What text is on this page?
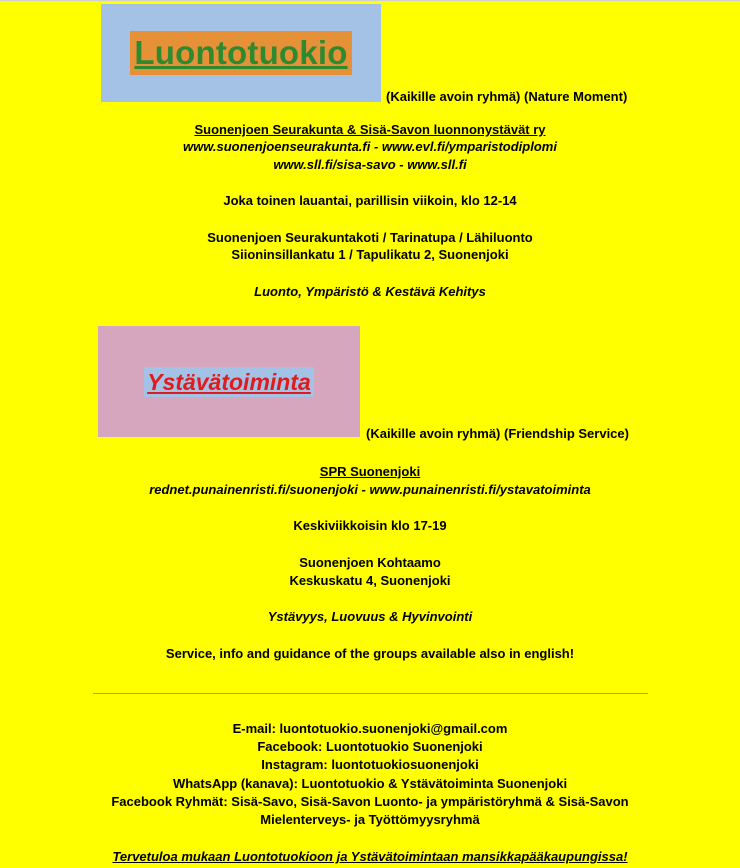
Luontotuokio
(Kaikille avoin ryhmä) (Nature Moment)
Suonenjoen Seurakunta & Sisä-Savon luonnonystävät ry
www.suonenjoenseurakunta.fi - www.evl.fi/ymparistodiplomi
www.sll.fi/sisa-savo - www.sll.fi
Joka toinen lauantai, parillisin viikoin, klo 12-14
Suonenjoen Seurakuntakoti / Tarinatupa / Lähiluonto
Siioninsillankatu 1 / Tapulikatu 2, Suonenjoki
Luonto, Ympäristö & Kestävä Kehitys
Ystävätoiminta
(Kaikille avoin ryhmä) (Friendship Service)
SPR Suonenjoki
rednet.punainenristi.fi/suonenjoki - www.punainenristi.fi/ystavatoiminta
Keskiviikkoisin klo 17-19
Suonenjoen Kohtaamo
Keskuskatu 4, Suonenjoki
Ystävyys, Luovuus & Hyvinvointi
Service, info and guidance of the groups available also in english!
E-mail: luontotuokio.suonenjoki@gmail.com
Facebook: Luontotuokio Suonenjoki
Instagram: luontotuokiosuonenjoki
WhatsApp (kanava): Luontotuokio & Ystävätoiminta Suonenjoki
Facebook Ryhmät: Sisä-Savo, Sisä-Savon Luonto- ja ympäristöryhmä & Sisä-Savon
Mielenterveys- ja Työttömyysryhmä
Tervetuloa mukaan Luontotuokioon ja Ystävätoimintaan mansikkapääkaupungissa!
